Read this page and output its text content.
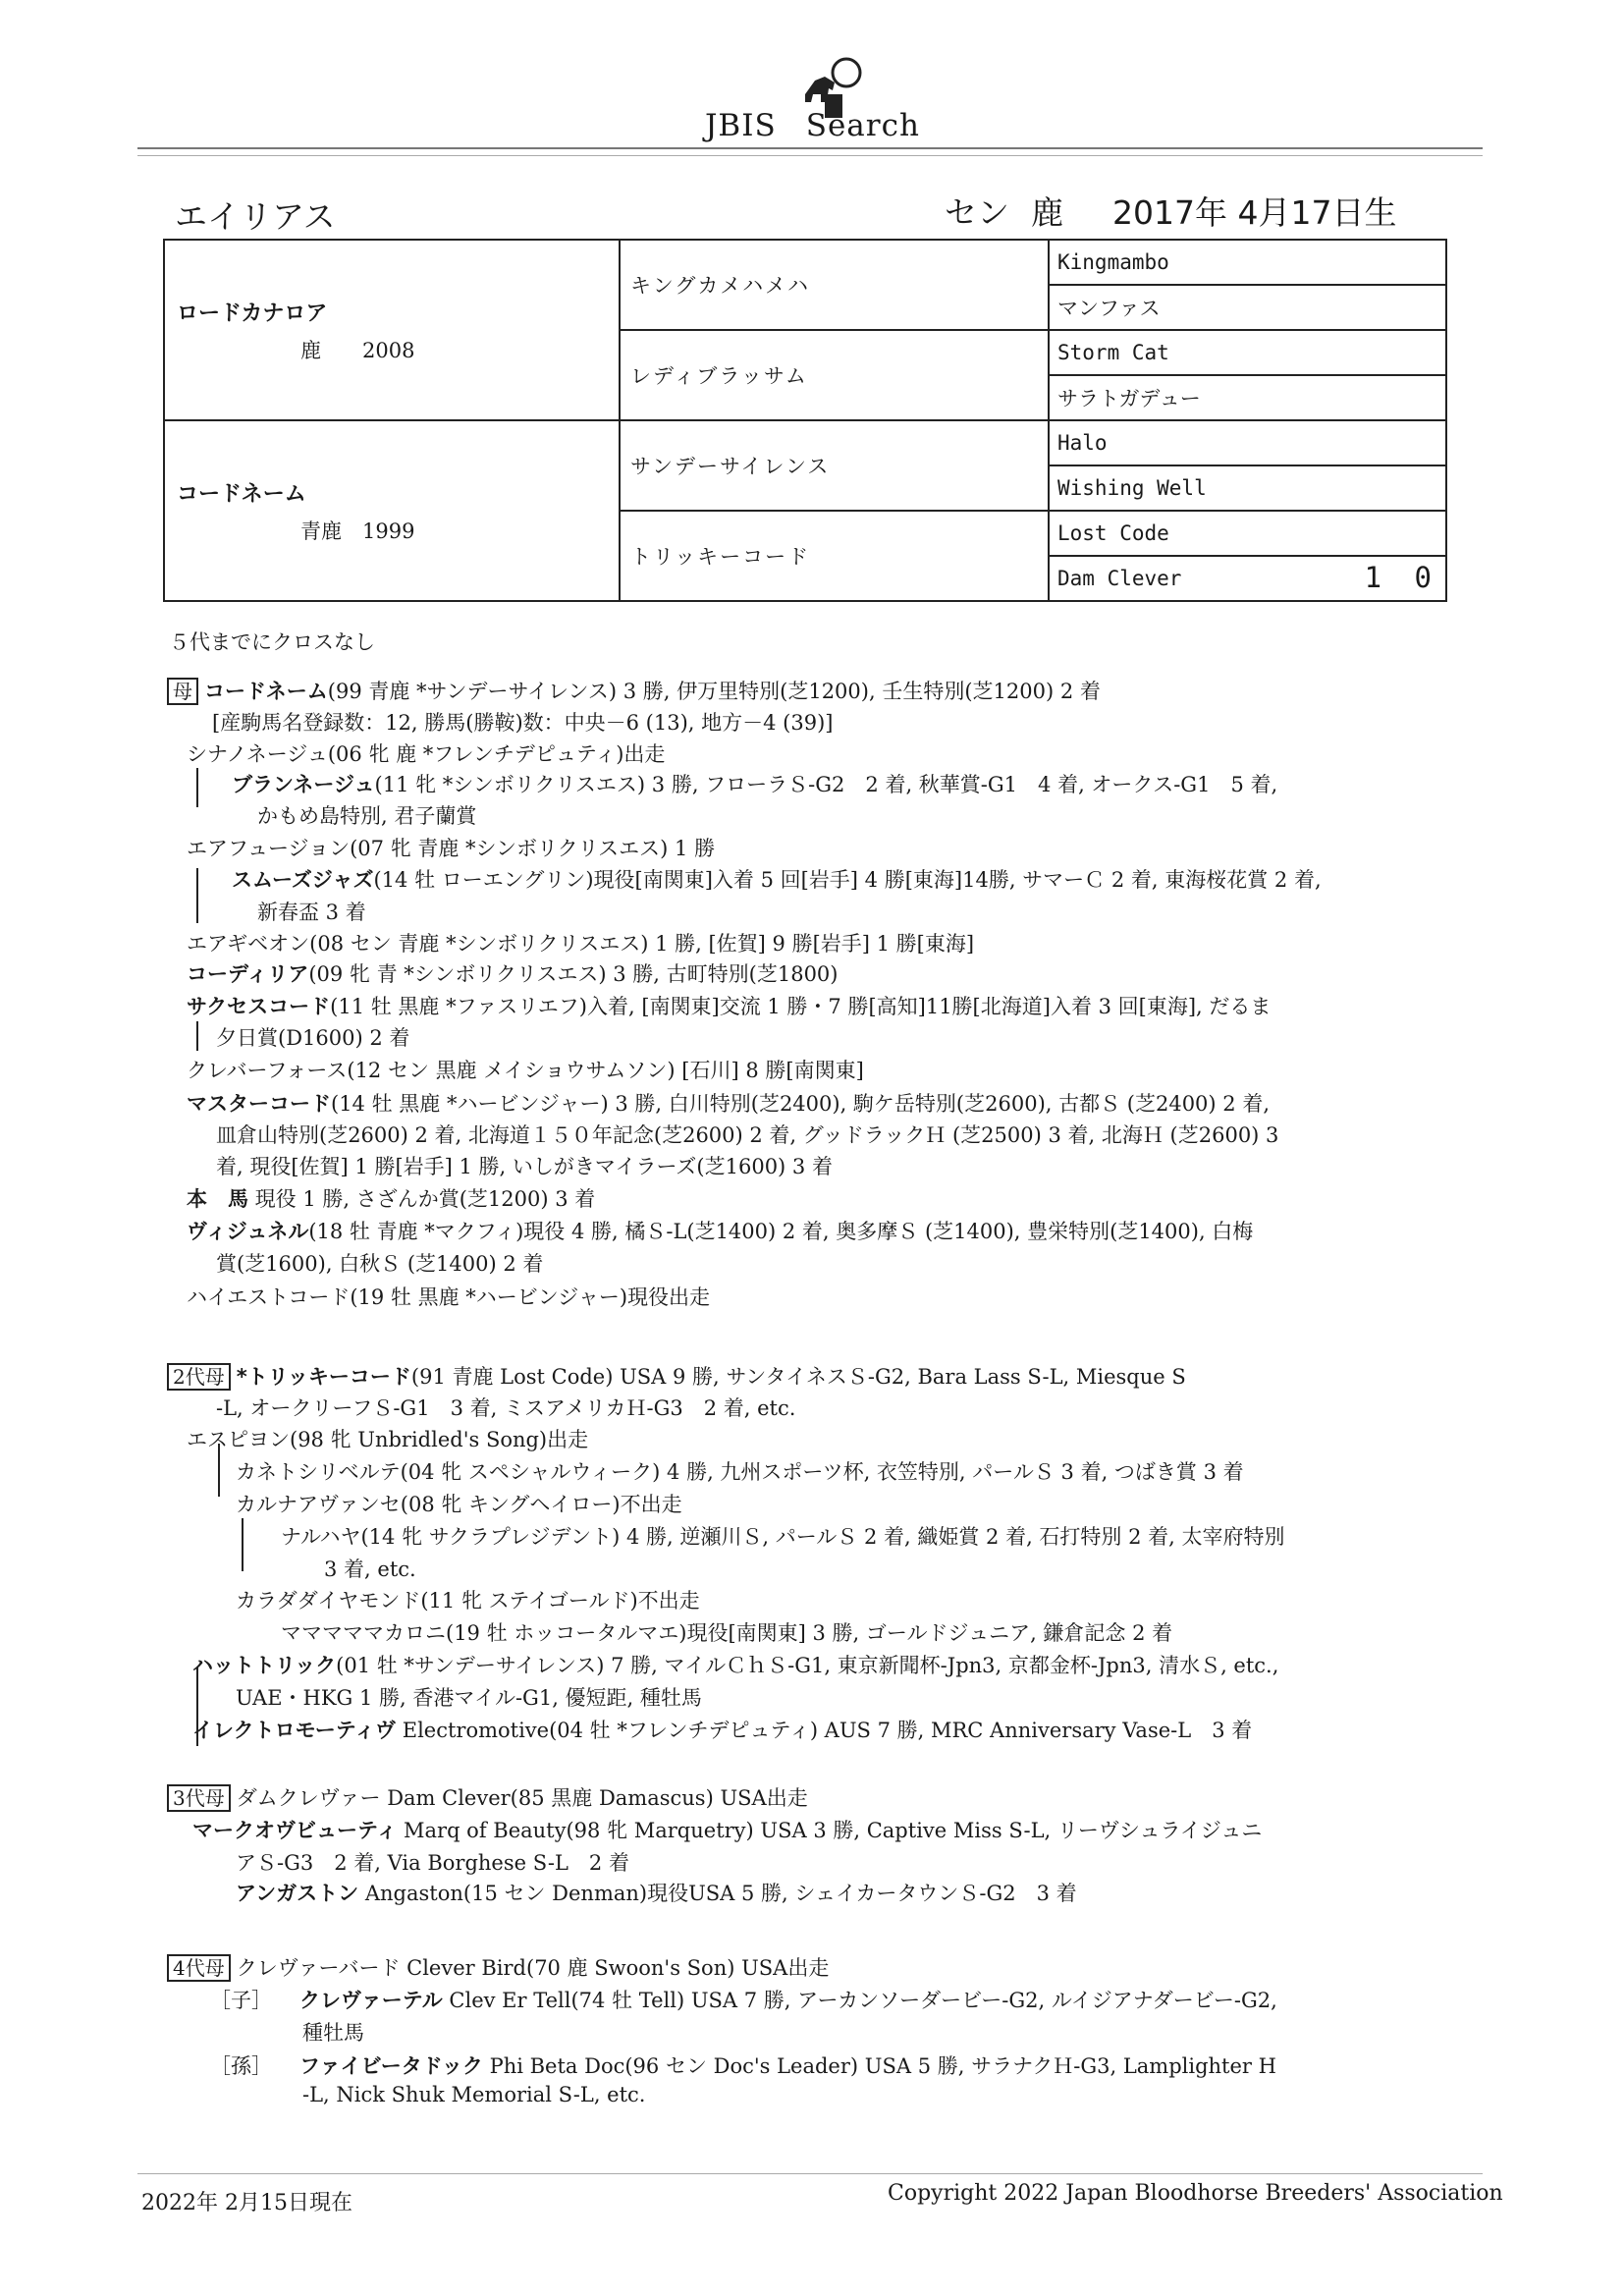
JBIS Search
エイリアス	セン 鹿 2017年 4月17日生
ロードカナロア
鹿　　2008	キングカメハメハ	Kingmambo
		マンファス
	レディブラッサム	Storm Cat
		サラトガデュー

コードネーム
青鹿　1999	サンデーサイレンス	Halo
		Wishing Well
	トリッキーコード	Lost Code
		Dam Clever 1 0
５代までにクロスなし
母 コードネーム(99 青鹿 *サンデーサイレンス) 3 勝, 伊万里特別(芝1200), 壬生特別(芝1200) 2 着
[産駒馬名登録数：12, 勝馬(勝鞍)数：中央－6 (13), 地方－4 (39)]
シナノネージュ(06 牝 鹿 *フレンチデピュティ)出走
ブランネージュ(11 牝 *シンボリクリスエス) 3 勝, フローラＳ-G2　2 着, 秋華賞-G1　4 着, オークス-G1　5 着,
かもめ島特別, 君子蘭賞
エアフュージョン(07 牝 青鹿 *シンボリクリスエス) 1 勝
スムーズジャズ(14 牡 ローエングリン)現役[南関東]入着 5 回[岩手] 4 勝[東海]14勝, サマーＣ 2 着, 東海桜花賞 2 着,
新春盃 3 着
エアギベオン(08 セン 青鹿 *シンボリクリスエス) 1 勝, [佐賀] 9 勝[岩手] 1 勝[東海]
コーディリア(09 牝 青 *シンボリクリスエス) 3 勝, 古町特別(芝1800)
サクセスコード(11 牡 黒鹿 *ファスリエフ)入着, [南関東]交流 1 勝・7 勝[高知]11勝[北海道]入着 3 回[東海], だるま
夕日賞(D1600) 2 着
クレバーフォース(12 セン 黒鹿 メイショウサムソン) [石川] 8 勝[南関東]
マスターコード(14 牡 黒鹿 *ハービンジャー) 3 勝, 白川特別(芝2400), 駒ケ岳特別(芝2600), 古都Ｓ (芝2400) 2 着,
皿倉山特別(芝2600) 2 着, 北海道１５０年記念(芝2600) 2 着, グッドラックＨ (芝2500) 3 着, 北海Ｈ (芝2600) 3
着, 現役[佐賀] 1 勝[岩手] 1 勝, いしがきマイラーズ(芝1600) 3 着
本　馬 現役 1 勝, さざんか賞(芝1200) 3 着
ヴィジュネル(18 牡 青鹿 *マクフィ)現役 4 勝, 橘Ｓ-L(芝1400) 2 着, 奥多摩Ｓ (芝1400), 豊栄特別(芝1400), 白梅
賞(芝1600), 白秋Ｓ (芝1400) 2 着
ハイエストコード(19 牡 黒鹿 *ハービンジャー)現役出走
2代母 *トリッキーコード(91 青鹿 Lost Code) USA 9 勝, サンタイネスＳ-G2, Bara Lass S-L, Miesque S
-L, オークリーフＳ-G1　3 着, ミスアメリカＨ-G3　2 着, etc.
エスピヨン(98 牝 Unbridled's Song)出走
カネトシリベルテ(04 牝 スペシャルウィーク) 4 勝, 九州スポーツ杯, 衣笠特別, パールＳ 3 着, つばき賞 3 着
カルナアヴァンセ(08 牝 キングヘイロー)不出走
ナルハヤ(14 牝 サクラプレジデント) 4 勝, 逆瀬川Ｓ, パールＳ 2 着, 織姫賞 2 着, 石打特別 2 着, 太宰府特別
3 着, etc.
カラダダイヤモンド(11 牝 ステイゴールド)不出走
マママママカロニ(19 牡 ホッコータルマエ)現役[南関東] 3 勝, ゴールドジュニア, 鎌倉記念 2 着
ハットトリック(01 牡 *サンデーサイレンス) 7 勝, マイルＣｈＳ-G1, 東京新聞杯-Jpn3, 京都金杯-Jpn3, 清水Ｓ, etc.,
UAE・HKG 1 勝, 香港マイル-G1, 優短距, 種牡馬
イレクトロモーティヴ Electromotive(04 牡 *フレンチデピュティ) AUS 7 勝, MRC Anniversary Vase-L　3 着
3代母 ダムクレヴァー Dam Clever(85 黒鹿 Damascus) USA出走
マークオヴビューティ Marq of Beauty(98 牝 Marquetry) USA 3 勝, Captive Miss S-L, リーヴシュライジュニ
アＳ-G3　2 着, Via Borghese S-L　2 着
アンガストン Angaston(15 セン Denman)現役USA 5 勝, シェイカータウンＳ-G2　3 着
4代母 クレヴァーバード Clever Bird(70 鹿 Swoon's Son) USA出走
［子］ クレヴァーテル Clev Er Tell(74 牡 Tell) USA 7 勝, アーカンソーダービー-G2, ルイジアナダービー-G2,
種牡馬
［孫］ ファイビータドック Phi Beta Doc(96 セン Doc's Leader) USA 5 勝, サラナクＨ-G3, Lamplighter H
-L, Nick Shuk Memorial S-L, etc.
2022年 2月15日現在	Copyright 2022 Japan Bloodhorse Breeders' Association
